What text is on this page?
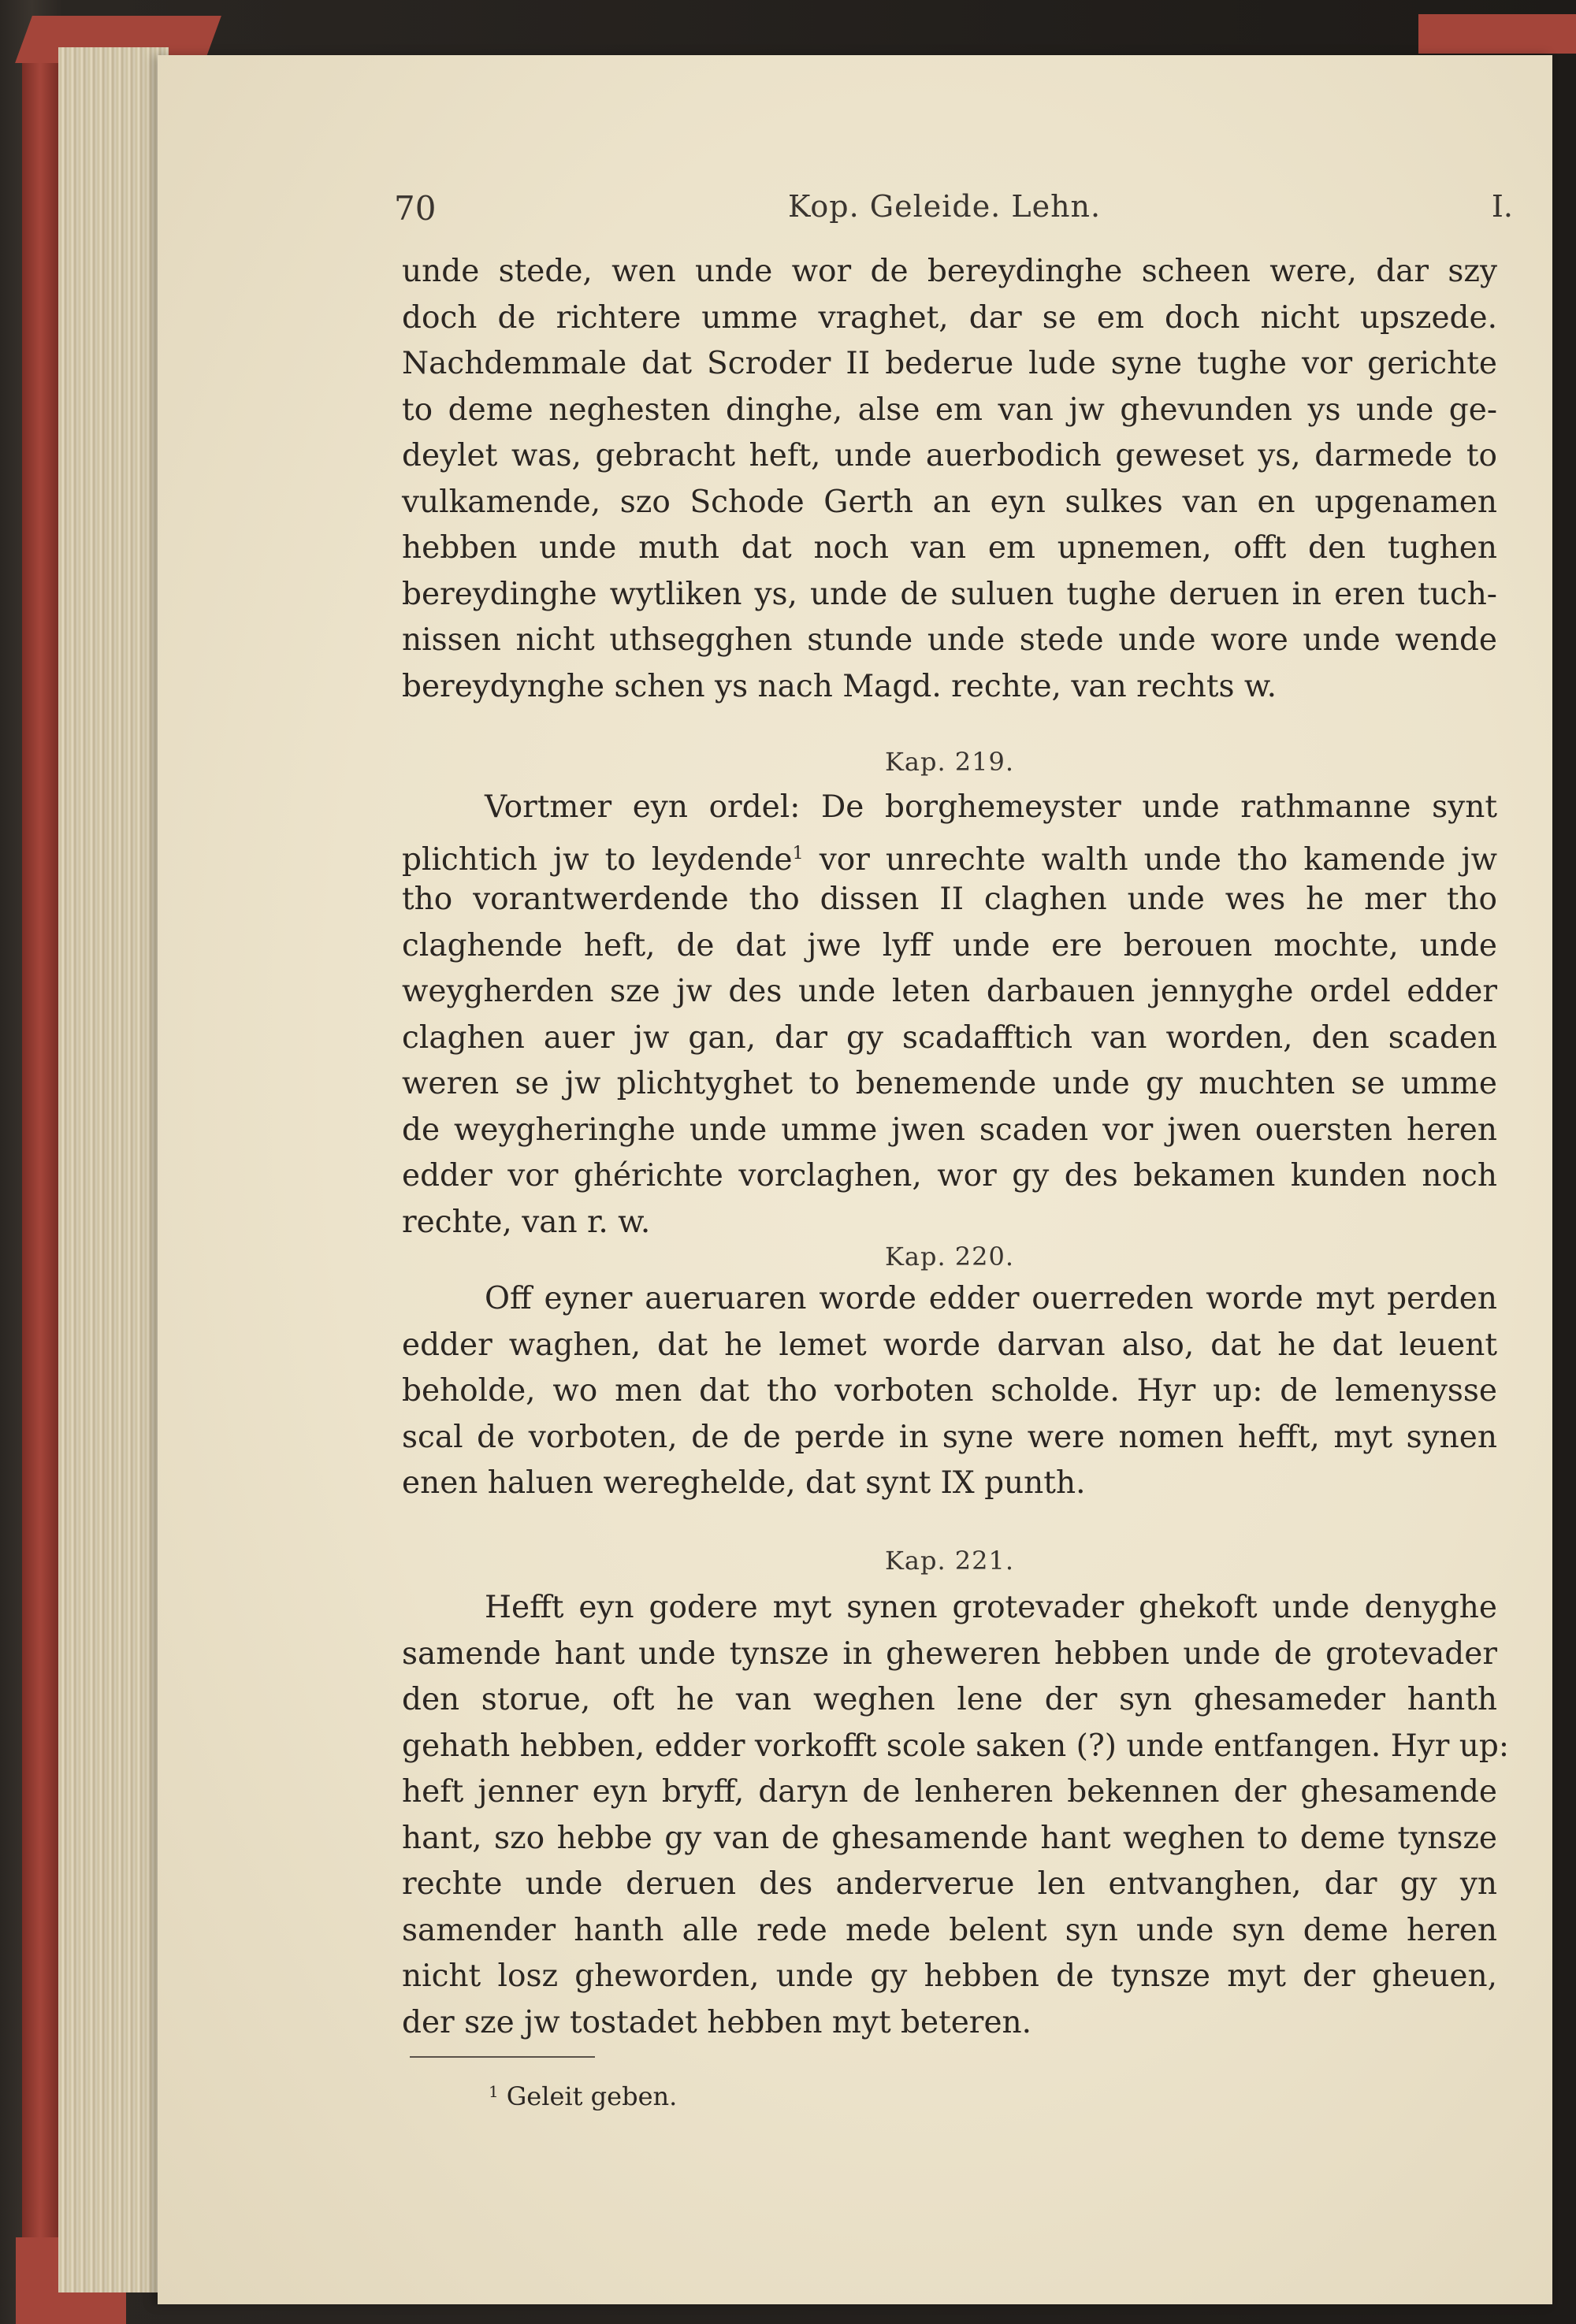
70	Kop. Geleide. Lehn.	I.
unde stede, wen unde wor de bereydinghe scheen were, dar szy
doch de richtere umme vraghet, dar se em doch nicht upszede.
Nachdemmale dat Scroder II bederue lude syne tughe vor gerichte
to deme neghesten dinghe, alse em van jw ghevunden ys unde ge-
deylet was, gebracht heft, unde auerbodich geweset ys, darmede to
vulkamende, szo Schode Gerth an eyn sulkes van en upgenamen
hebben unde muth dat noch van em upnemen, offt den tughen
bereydinghe wytliken ys, unde de suluen tughe deruen in eren tuch-
nissen nicht uthsegghen stunde unde stede unde wore unde wende
bereydynghe schen ys nach Magd. rechte, van rechts w.
Kap. 219.
Vortmer eyn ordel: De borghemeyster unde rathmanne synt
plichtich jw to leydende$^1$ vor unrechte walth unde tho kamende jw
tho vorantwerdende tho dissen II claghen unde wes he mer tho
claghende heft, de dat jwe lyff unde ere berouen mochte, unde
weygherden sze jw des unde leten darbauen jennyghe ordel edder
claghen auer jw gan, dar gy scadafftich van worden, den scaden
weren se jw plichtyghet to benemende unde gy muchten se umme
de weygheringhe unde umme jwen scaden vor jwen ouersten heren
edder vor ghérichte vorclaghen, wor gy des bekamen kunden noch
rechte, van r. w.
Kap. 220.
Off eyner aueruaren worde edder ouerreden worde myt perden
edder waghen, dat he lemet worde darvan also, dat he dat leuent
beholde, wo men dat tho vorboten scholde. Hyr up: de lemenysse
scal de vorboten, de de perde in syne were nomen hefft, myt synen
enen haluen wereghelde, dat synt IX punth.
Kap. 221.
Hefft eyn godere myt synen grotevader ghekoft unde denyghe
samende hant unde tynsze in gheweren hebben unde de grotevader
den storue, oft he van weghen lene der syn ghesameder hanth
gehath hebben, edder vorkofft scole saken (?) unde entfangen. Hyr up:
heft jenner eyn bryff, daryn de lenheren bekennen der ghesamende
hant, szo hebbe gy van de ghesamende hant weghen to deme tynsze
rechte unde deruen des anderverue len entvanghen, dar gy yn
samender hanth alle rede mede belent syn unde syn deme heren
nicht losz gheworden, unde gy hebben de tynsze myt der gheuen,
der sze jw tostadet hebben myt beteren.
$^1$ Geleit geben.
